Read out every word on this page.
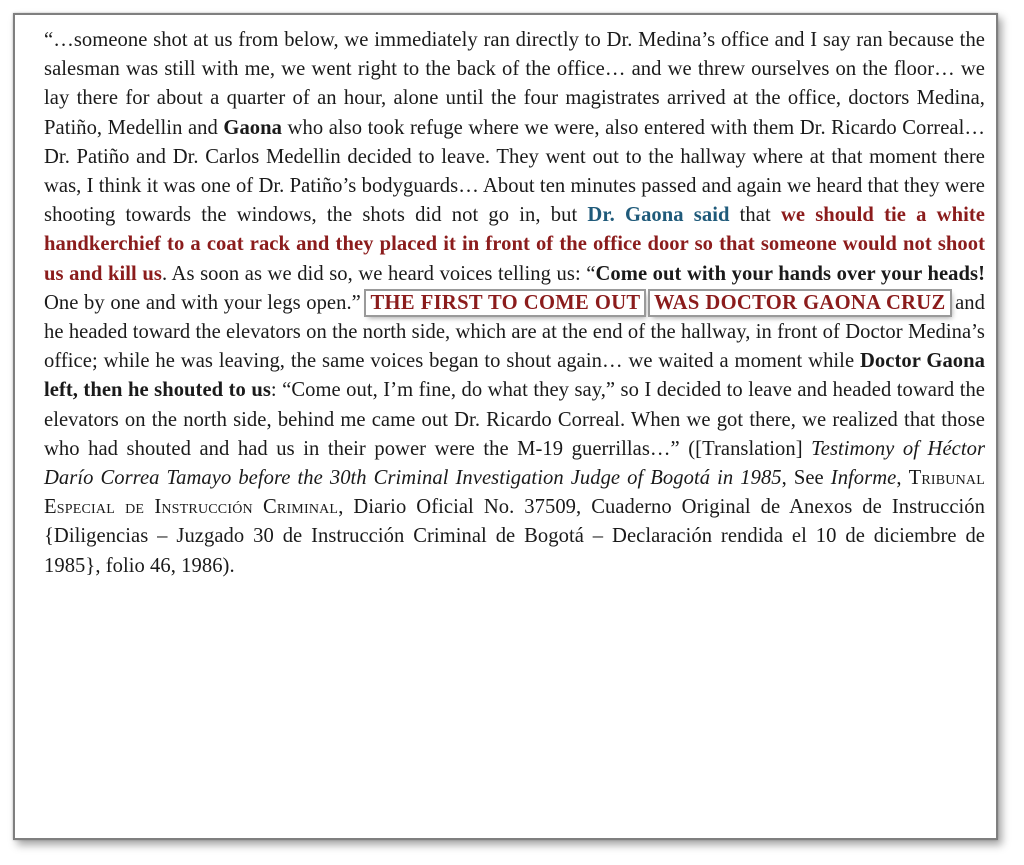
“…someone shot at us from below, we immediately ran directly to Dr. Medina’s office and I say ran because the salesman was still with me, we went right to the back of the office… and we threw ourselves on the floor… we lay there for about a quarter of an hour, alone until the four magistrates arrived at the office, doctors Medina, Patiño, Medellin and Gaona who also took refuge where we were, also entered with them Dr. Ricardo Correal… Dr. Patiño and Dr. Carlos Medellin decided to leave. They went out to the hallway where at that moment there was, I think it was one of Dr. Patiño’s bodyguards… About ten minutes passed and again we heard that they were shooting towards the windows, the shots did not go in, but Dr. Gaona said that we should tie a white handkerchief to a coat rack and they placed it in front of the office door so that someone would not shoot us and kill us. As soon as we did so, we heard voices telling us: “Come out with your hands over your heads! One by one and with your legs open.” THE FIRST TO COME OUT WAS DOCTOR GAONA CRUZ and he headed toward the elevators on the north side, which are at the end of the hallway, in front of Doctor Medina’s office; while he was leaving, the same voices began to shout again… we waited a moment while Doctor Gaona left, then he shouted to us: “Come out, I’m fine, do what they say,” so I decided to leave and headed toward the elevators on the north side, behind me came out Dr. Ricardo Correal. When we got there, we realized that those who had shouted and had us in their power were the M-19 guerrillas…” ([Translation] Testimony of Héctor Darío Correa Tamayo before the 30th Criminal Investigation Judge of Bogotá in 1985, See Informe, Tribunal Especial de Instrucción Criminal, Diario Oficial No. 37509, Cuaderno Original de Anexos de Instrucción {Diligencias – Juzgado 30 de Instrucción Criminal de Bogotá – Declaración rendida el 10 de diciembre de 1985}, folio 46, 1986).
